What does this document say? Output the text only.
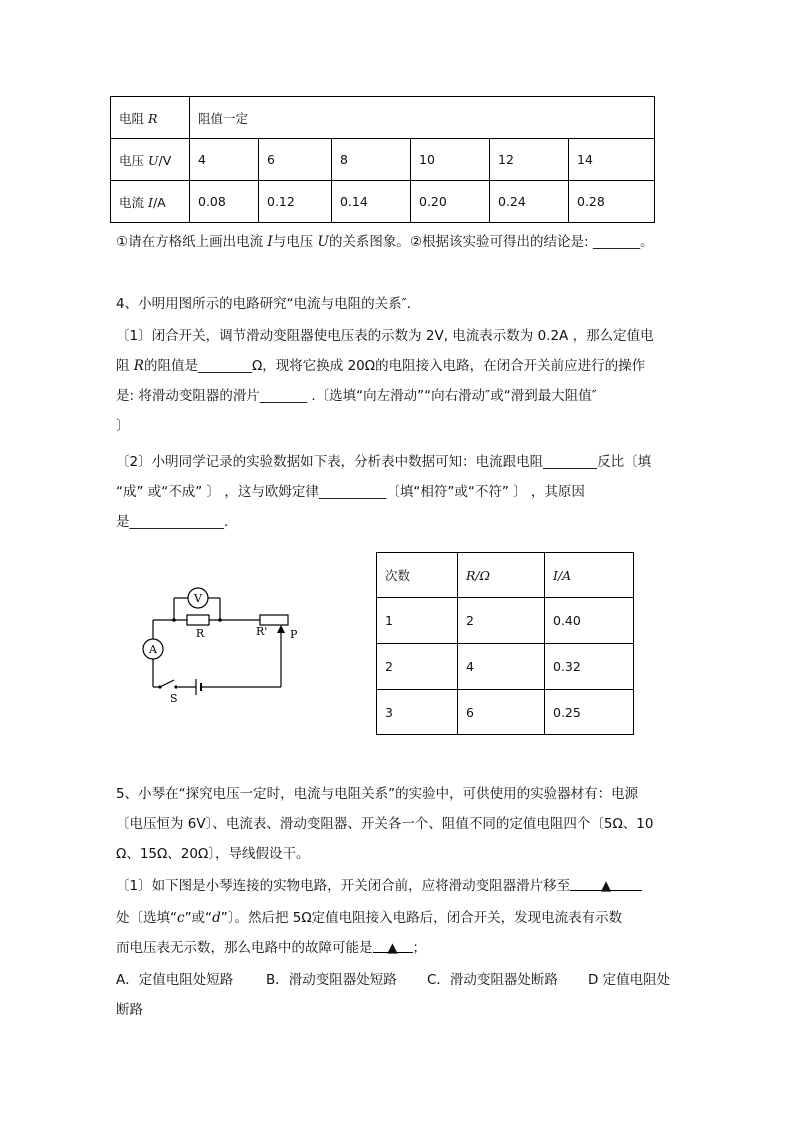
电阻 R	阻值一定					
电压 U/V	4	6	8	10	12	14
电流 I/A	0.08	0.12	0.14	0.20	0.24	0.28
①请在方格纸上画出电流 I与电压 U的关系图象。②根据该实验可得出的结论是: _______。
4、小明用图所示的电路研究“电流与电阻的关系″.
〔1〕闭合开关，调节滑动变阻器使电压表的示数为 2V, 电流表示数为 0.2A ，那么定值电
阻 R的阻值是________Ω，现将它换成 20Ω的电阻接入电路，在闭合开关前应进行的操作
是: 将滑动变阻器的滑片_______ .〔选填“向左滑动”“向右滑动″或“滑到最大阻值″
〕
〔2〕小明同学记录的实验数据如下表，分析表中数据可知：电流跟电阻________反比〔填
“成” 或“不成” 〕 ，这与欧姆定律__________〔填“相符”或“不符” 〕 ，其原因
是______________.
V
A
R	R' P
S
次数	R/Ω	I/A
1	2	0.40
2	4	0.32
3	6	0.25
5、小琴在“探究电压一定时，电流与电阻关系”的实验中，可供使用的实验器材有：电源
〔电压恒为 6V〕、电流表、滑动变阻器、开关各一个、阻值不同的定值电阻四个〔5Ω、10
Ω、15Ω、20Ω〕，导线假设干。
〔1〕如下图是小琴连接的实物电路，开关闭合前，应将滑动变阻器滑片移至 ▲
处〔选填“c”或“d”〕。然后把 5Ω定值电阻接入电路后，闭合开关，发现电流表有示数
而电压表无示数，那么电路中的故障可能是 ▲ ；
A．定值电阻处短路 B．滑动变阻器处短路 C．滑动变阻器处断路 D 定值电阻处
断路
